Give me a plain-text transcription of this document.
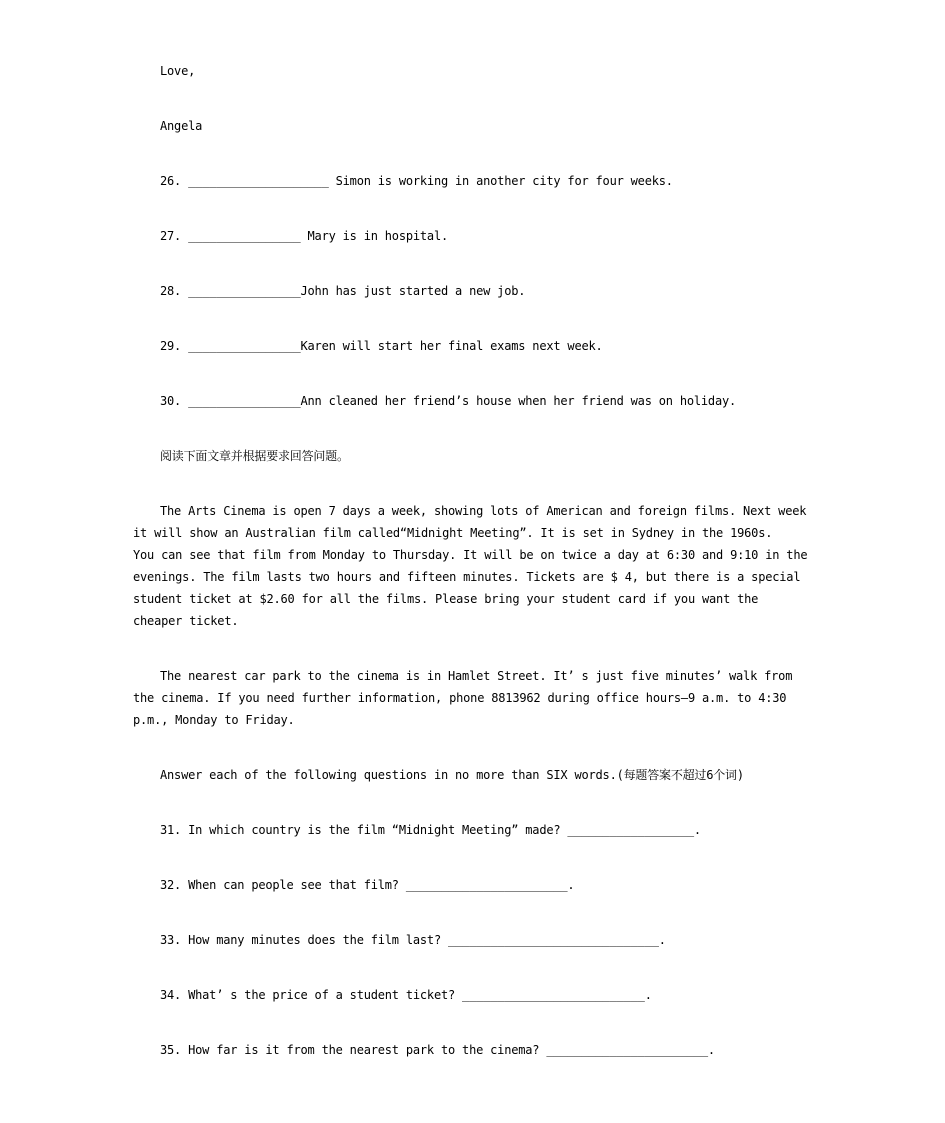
Love,
Angela
26. ____________________ Simon is working in another city for four weeks.
27. ________________ Mary is in hospital.
28. ________________John has just started a new job.
29. ________________Karen will start her final exams next week.
30. ________________Ann cleaned her friend’s house when her friend was on holiday.
阅读下面文章并根据要求回答问题。
The Arts Cinema is open 7 days a week, showing lots of American and foreign films. Next week
it will show an Australian film called“Midnight Meeting”. It is set in Sydney in the 1960s.
You can see that film from Monday to Thursday. It will be on twice a day at 6:30 and 9:10 in the
evenings. The film lasts two hours and fifteen minutes. Tickets are $ 4, but there is a special
student ticket at $2.60 for all the films. Please bring your student card if you want the
cheaper ticket.
The nearest car park to the cinema is in Hamlet Street. It’ s just five minutes’ walk from
the cinema. If you need further information, phone 8813962 during office hours—9 a.m. to 4:30
p.m., Monday to Friday.
Answer each of the following questions in no more than SIX words.(每题答案不超过6个词)
31. In which country is the film “Midnight Meeting” made? __________________.
32. When can people see that film? _______________________.
33. How many minutes does the film last? ______________________________.
34. What’ s the price of a student ticket? __________________________.
35. How far is it from the nearest park to the cinema? _______________________.
